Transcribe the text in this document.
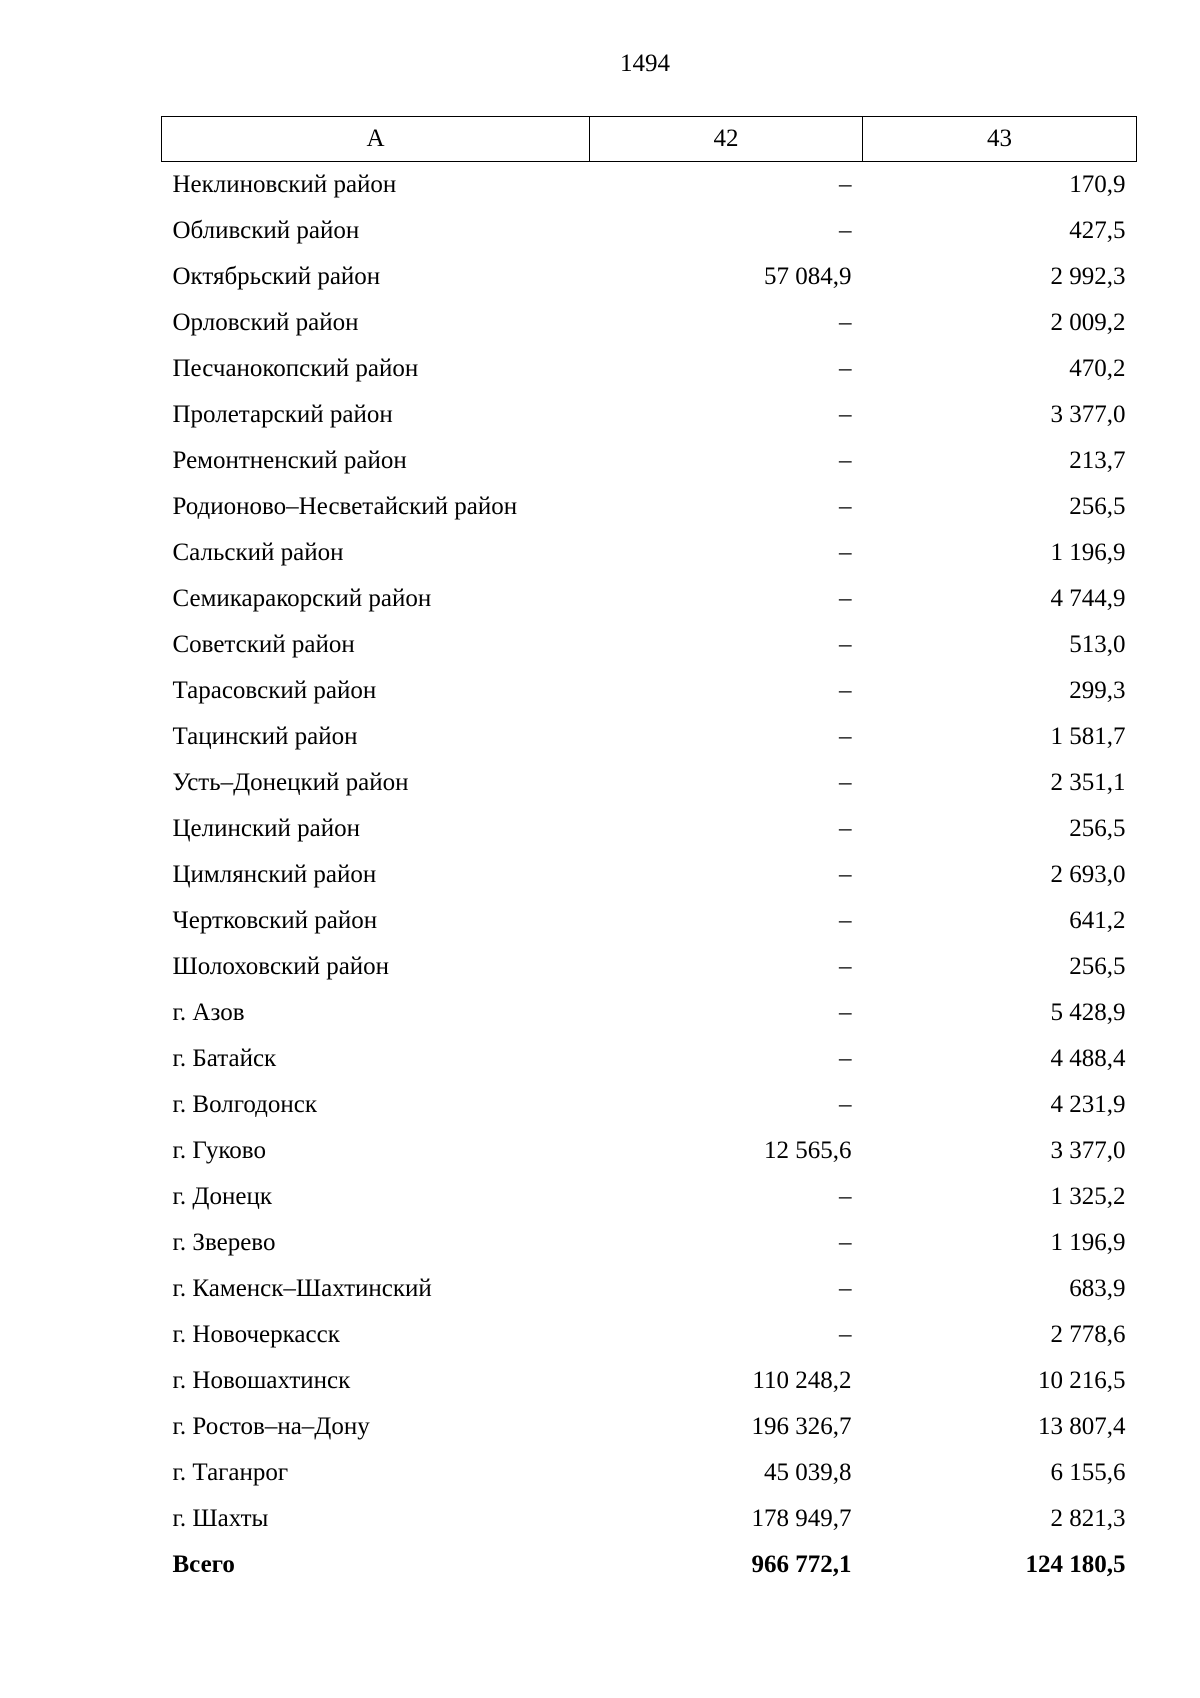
1494
А	42	43
Неклиновский район	–	170,9
Обливский район	–	427,5
Октябрьский район	57 084,9	2 992,3
Орловский район	–	2 009,2
Песчанокопский район	–	470,2
Пролетарский район	–	3 377,0
Ремонтненский район	–	213,7
Родионово–Несветайский район	–	256,5
Сальский район	–	1 196,9
Семикаракорский район	–	4 744,9
Советский район	–	513,0
Тарасовский район	–	299,3
Тацинский район	–	1 581,7
Усть–Донецкий район	–	2 351,1
Целинский район	–	256,5
Цимлянский район	–	2 693,0
Чертковский район	–	641,2
Шолоховский район	–	256,5
г. Азов	–	5 428,9
г. Батайск	–	4 488,4
г. Волгодонск	–	4 231,9
г. Гуково	12 565,6	3 377,0
г. Донецк	–	1 325,2
г. Зверево	–	1 196,9
г. Каменск–Шахтинский	–	683,9
г. Новочеркасск	–	2 778,6
г. Новошахтинск	110 248,2	10 216,5
г. Ростов–на–Дону	196 326,7	13 807,4
г. Таганрог	45 039,8	6 155,6
г. Шахты	178 949,7	2 821,3
Всего	966 772,1	124 180,5
